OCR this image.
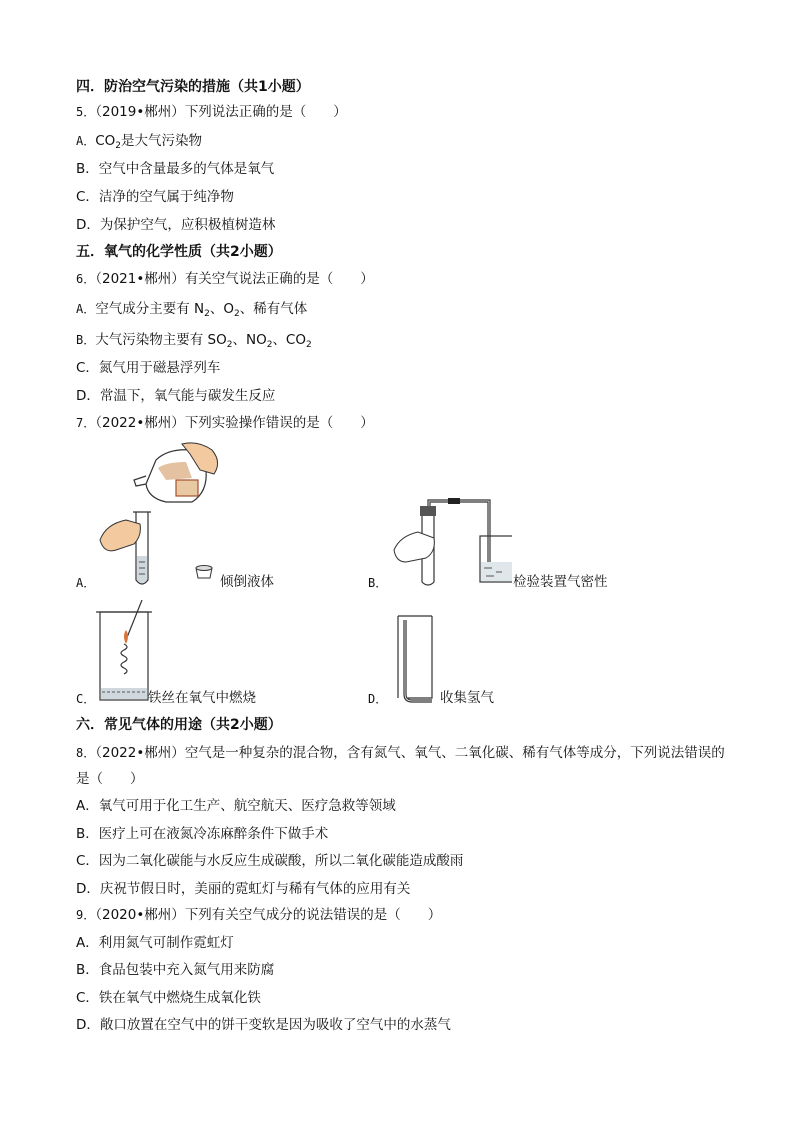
四．防治空气污染的措施（共1小题）
5．（2019•郴州）下列说法正确的是（　　）
A．$CO_2$是大气污染物
B．空气中含量最多的气体是氧气
C．洁净的空气属于纯净物
D．为保护空气，应积极植树造林
五．氧气的化学性质（共2小题）
6．（2021•郴州）有关空气说法正确的是（　　）
A．空气成分主要有 $N_2$、$O_2$、稀有气体
B．大气污染物主要有 $SO_2$、$NO_2$、$CO_2$
C．氮气用于磁悬浮列车
D．常温下，氧气能与碳发生反应
7．（2022•郴州）下列实验操作错误的是（　　）
A．	倾倒液体	B．	检验装置气密性
C．	铁丝在氧气中燃烧	D．	收集氢气
六．常见气体的用途（共2小题）
8．（2022•郴州）空气是一种复杂的混合物，含有氮气、氧气、二氧化碳、稀有气体等成分，下列说法错误的是（　　）
A．氧气可用于化工生产、航空航天、医疗急救等领域
B．医疗上可在液氮冷冻麻醉条件下做手术
C．因为二氧化碳能与水反应生成碳酸，所以二氧化碳能造成酸雨
D．庆祝节假日时，美丽的霓虹灯与稀有气体的应用有关
9．（2020•郴州）下列有关空气成分的说法错误的是（　　）
A．利用氮气可制作霓虹灯
B．食品包装中充入氮气用来防腐
C．铁在氧气中燃烧生成氧化铁
D．敞口放置在空气中的饼干变软是因为吸收了空气中的水蒸气
